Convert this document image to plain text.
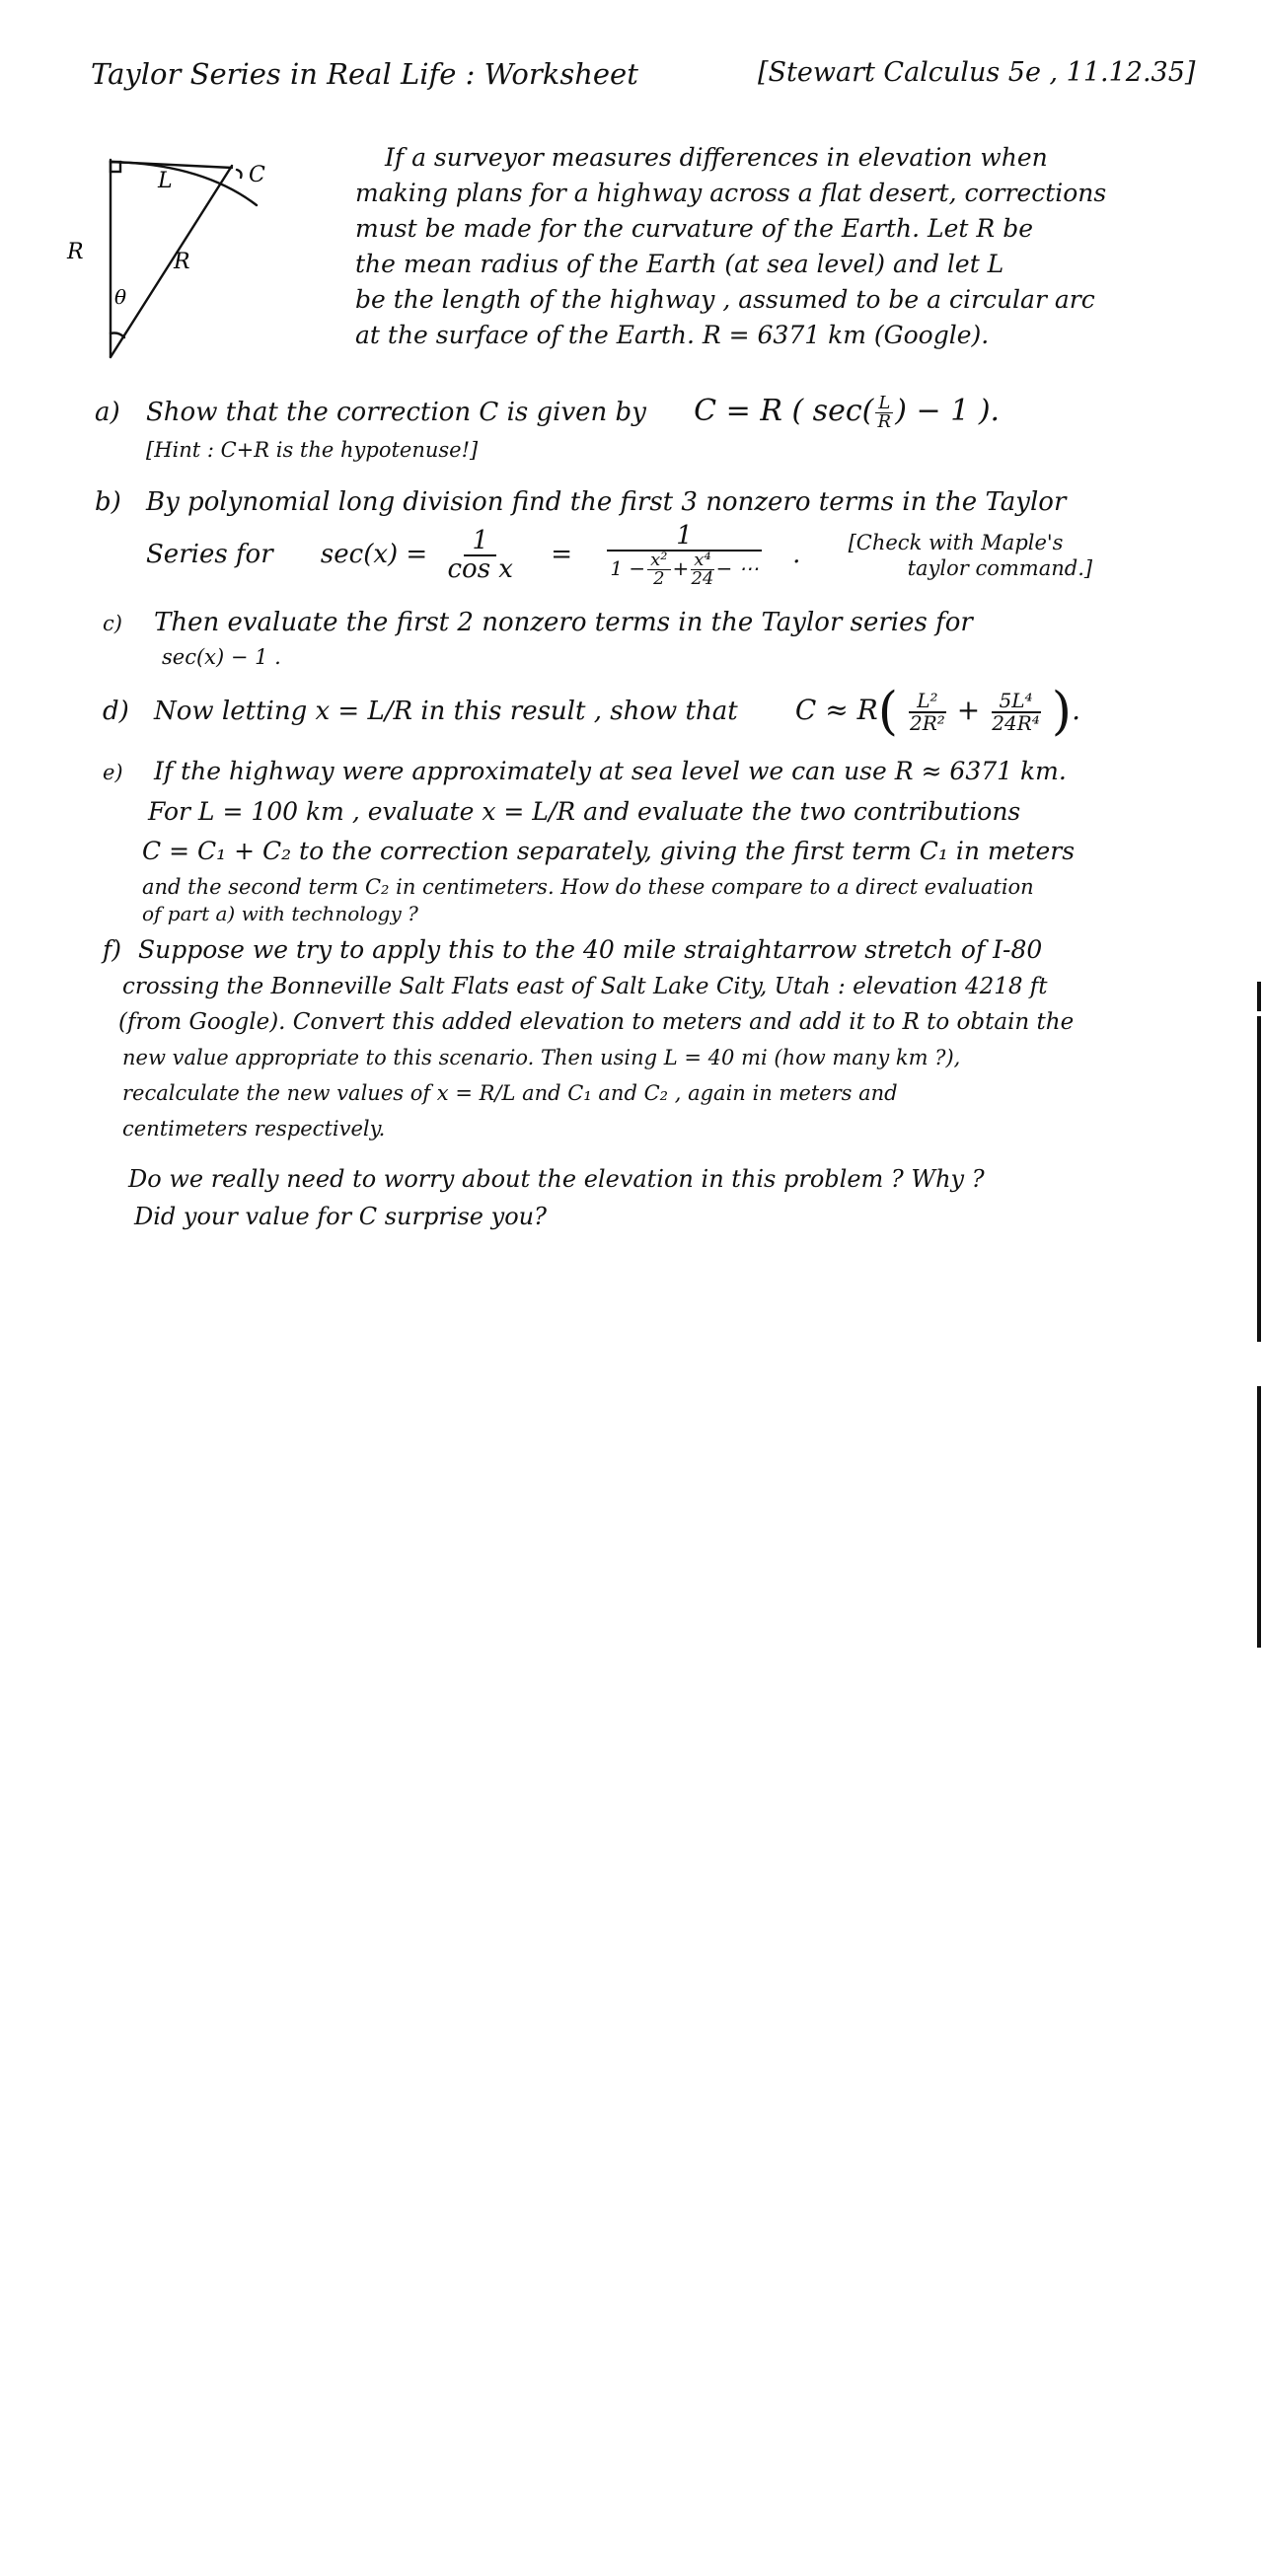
Taylor Series in Real Life : Worksheet	[Stewart Calculus 5e , 11.12.35]
L	C
R	R
θ
If a surveyor measures differences in elevation when
making plans for a highway across a flat desert, corrections
must be made for the curvature of the Earth. Let R be
the mean radius of the Earth (at sea level) and let L
be the length of the highway , assumed to be a circular arc
at the surface of the Earth. R = 6371 km (Google).
a) Show that the correction C is given by C = R ( $\sec( \frac{L}{R}$ ) − 1 ).
[Hint : C+R is the hypotenuse!]
b) By polynomial long division find the first 3 nonzero terms in the Taylor
Series for $\sec(x) = \frac{1}{\text{cos x}} = \frac{1}{1 - \frac{\text{x²}}{2} + \frac{\text{x⁴}}{24} - \cdots}$ . [Check with Maple's
taylor command.]
c) Then evaluate the first 2 nonzero terms in the Taylor series for
sec(x) − 1 .
d) Now letting x = L/R in this result , show that $C \approx R( \frac{\text{L²}}{\text{2R²}} + \frac{\text{5L⁴}}{\text{24R⁴}}$ ).
e) If the highway were approximately at sea level we can use R ≈ 6371 km.
For L = 100 km , evaluate x = L/R and evaluate the two contributions
C = C₁ + C₂ to the correction separately, giving the first term C₁ in meters
and the second term C₂ in centimeters. How do these compare to a direct evaluation
of part a) with technology ?
f) Suppose we try to apply this to the 40 mile straightarrow stretch of I-80
crossing the Bonneville Salt Flats east of Salt Lake City, Utah : elevation 4218 ft
(from Google). Convert this added elevation to meters and add it to R to obtain the
new value appropriate to this scenario. Then using L = 40 mi (how many km ?),
recalculate the new values of x = R/L and C₁ and C₂ , again in meters and
centimeters respectively.
Do we really need to worry about the elevation in this problem ? Why ?
Did your value for C surprise you?
